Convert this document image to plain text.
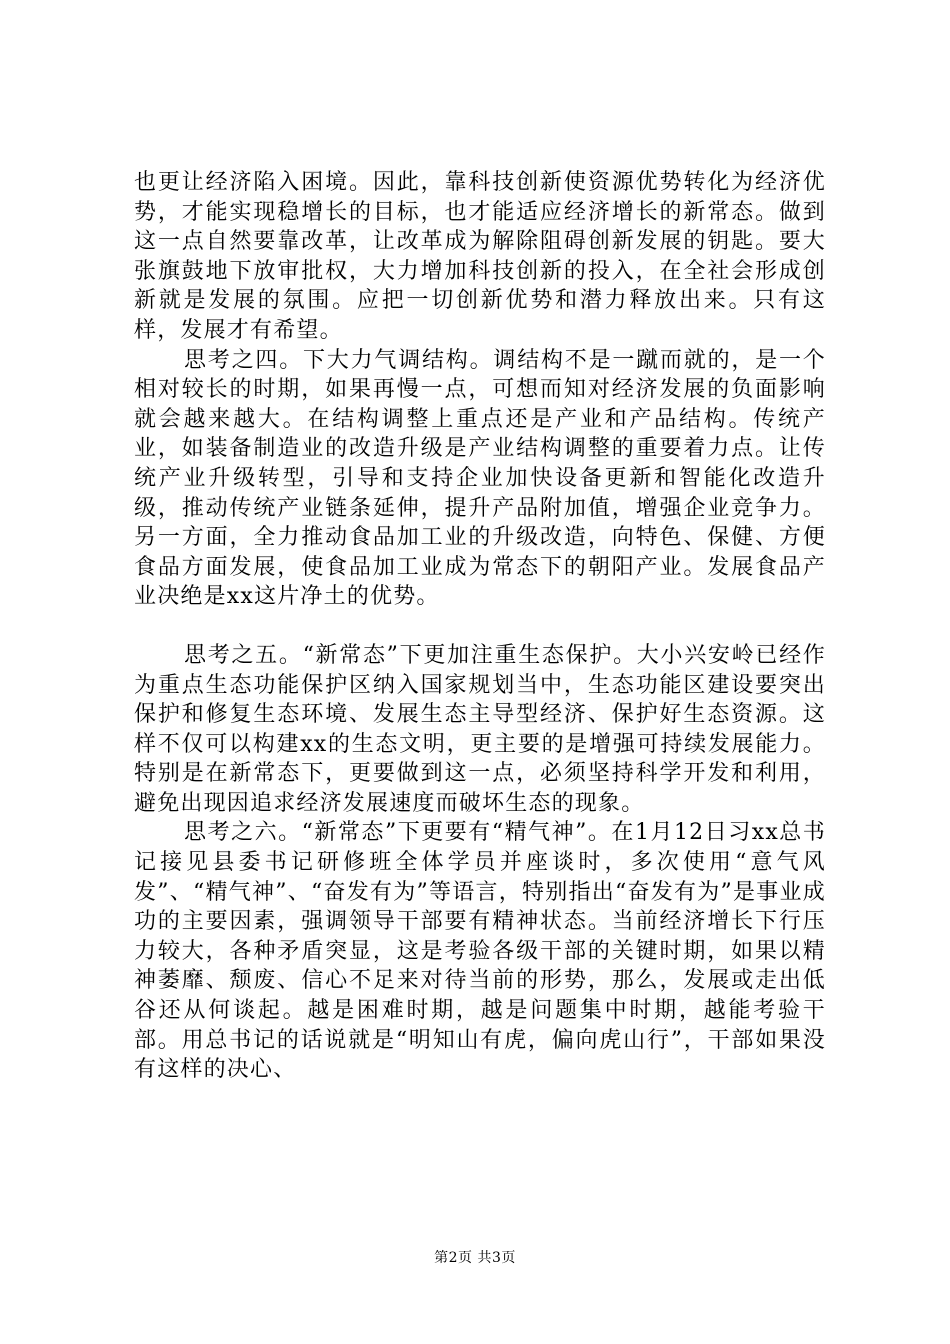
也更让经济陷入困境。因此，靠科技创新使资源优势转化为经济优势，才能实现稳增长的目标，也才能适应经济增长的新常态。做到这一点自然要靠改革，让改革成为解除阻碍创新发展的钥匙。要大张旗鼓地下放审批权，大力增加科技创新的投入，在全社会形成创新就是发展的氛围。应把一切创新优势和潜力释放出来。只有这样，发展才有希望。

思考之四。下大力气调结构。调结构不是一蹴而就的，是一个相对较长的时期，如果再慢一点，可想而知对经济发展的负面影响就会越来越大。在结构调整上重点还是产业和产品结构。传统产业，如装备制造业的改造升级是产业结构调整的重要着力点。让传统产业升级转型，引导和支持企业加快设备更新和智能化改造升级，推动传统产业链条延伸，提升产品附加值，增强企业竞争力。另一方面，全力推动食品加工业的升级改造，向特色、保健、方便食品方面发展，使食品加工业成为常态下的朝阳产业。发展食品产业决绝是xx这片净土的优势。

思考之五。“新常态”下更加注重生态保护。大小兴安岭已经作为重点生态功能保护区纳入国家规划当中，生态功能区建设要突出保护和修复生态环境、发展生态主导型经济、保护好生态资源。这样不仅可以构建xx的生态文明，更主要的是增强可持续发展能力。特别是在新常态下，更要做到这一点，必须坚持科学开发和利用，避免出现因追求经济发展速度而破坏生态的现象。

思考之六。“新常态”下更要有“精气神”。在1月12日习xx总书记接见县委书记研修班全体学员并座谈时，多次使用“意气风发”、“精气神”、“奋发有为”等语言，特别指出“奋发有为”是事业成功的主要因素，强调领导干部要有精神状态。当前经济增长下行压力较大，各种矛盾突显，这是考验各级干部的关键时期，如果以精神萎靡、颓废、信心不足来对待当前的形势，那么，发展或走出低谷还从何谈起。越是困难时期，越是问题集中时期，越能考验干部。用总书记的话说就是“明知山有虎，偏向虎山行”，干部如果没有这样的决心、

第2页 共3页
